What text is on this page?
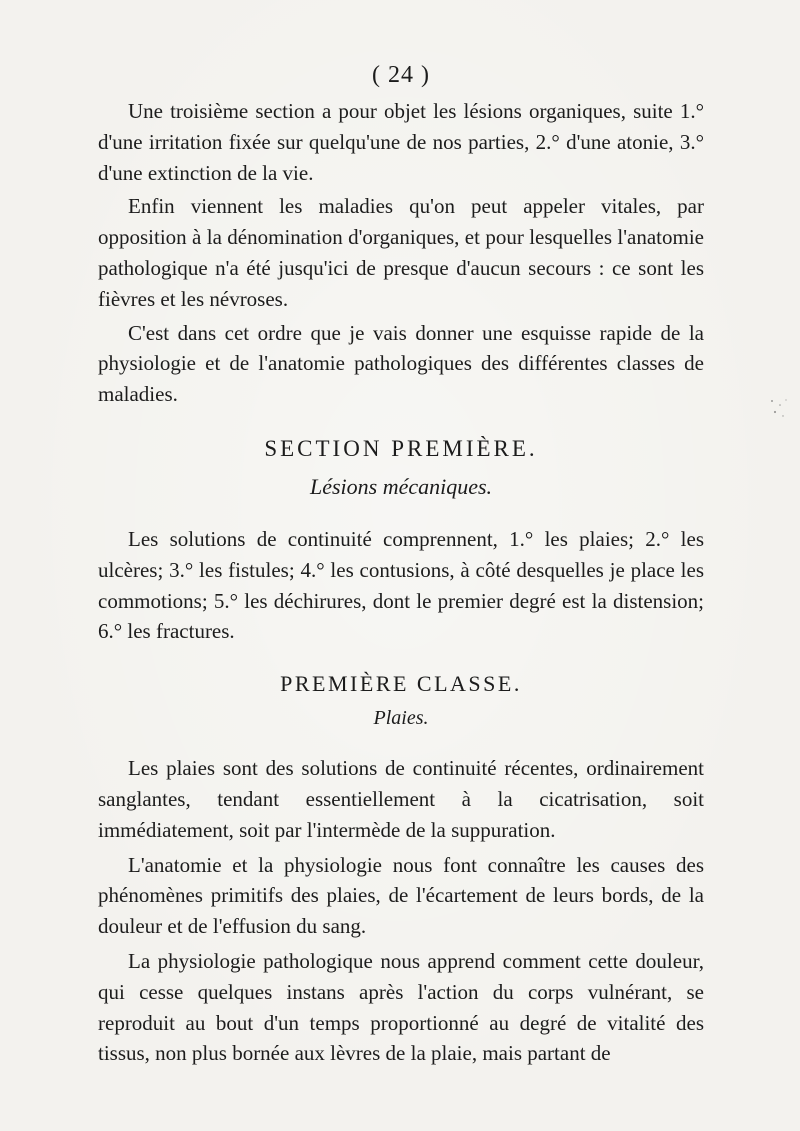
( 24 )

Une troisième section a pour objet les lésions organiques, suite 1.° d'une irritation fixée sur quelqu'une de nos parties, 2.° d'une atonie, 3.° d'une extinction de la vie.

Enfin viennent les maladies qu'on peut appeler vitales, par opposition à la dénomination d'organiques, et pour lesquelles l'anatomie pathologique n'a été jusqu'ici de presque d'aucun secours : ce sont les fièvres et les névroses.

C'est dans cet ordre que je vais donner une esquisse rapide de la physiologie et de l'anatomie pathologiques des différentes classes de maladies.

SECTION PREMIÈRE.
Lésions mécaniques.

Les solutions de continuité comprennent, 1.° les plaies; 2.° les ulcères; 3.° les fistules; 4.° les contusions, à côté desquelles je place les commotions; 5.° les déchirures, dont le premier degré est la distension; 6.° les fractures.

PREMIÈRE CLASSE.
Plaies.

Les plaies sont des solutions de continuité récentes, ordinairement sanglantes, tendant essentiellement à la cicatrisation, soit immédiatement, soit par l'intermède de la suppuration.

L'anatomie et la physiologie nous font connaître les causes des phénomènes primitifs des plaies, de l'écartement de leurs bords, de la douleur et de l'effusion du sang.

La physiologie pathologique nous apprend comment cette douleur, qui cesse quelques instans après l'action du corps vulnérant, se reproduit au bout d'un temps proportionné au degré de vitalité des tissus, non plus bornée aux lèvres de la plaie, mais partant de
